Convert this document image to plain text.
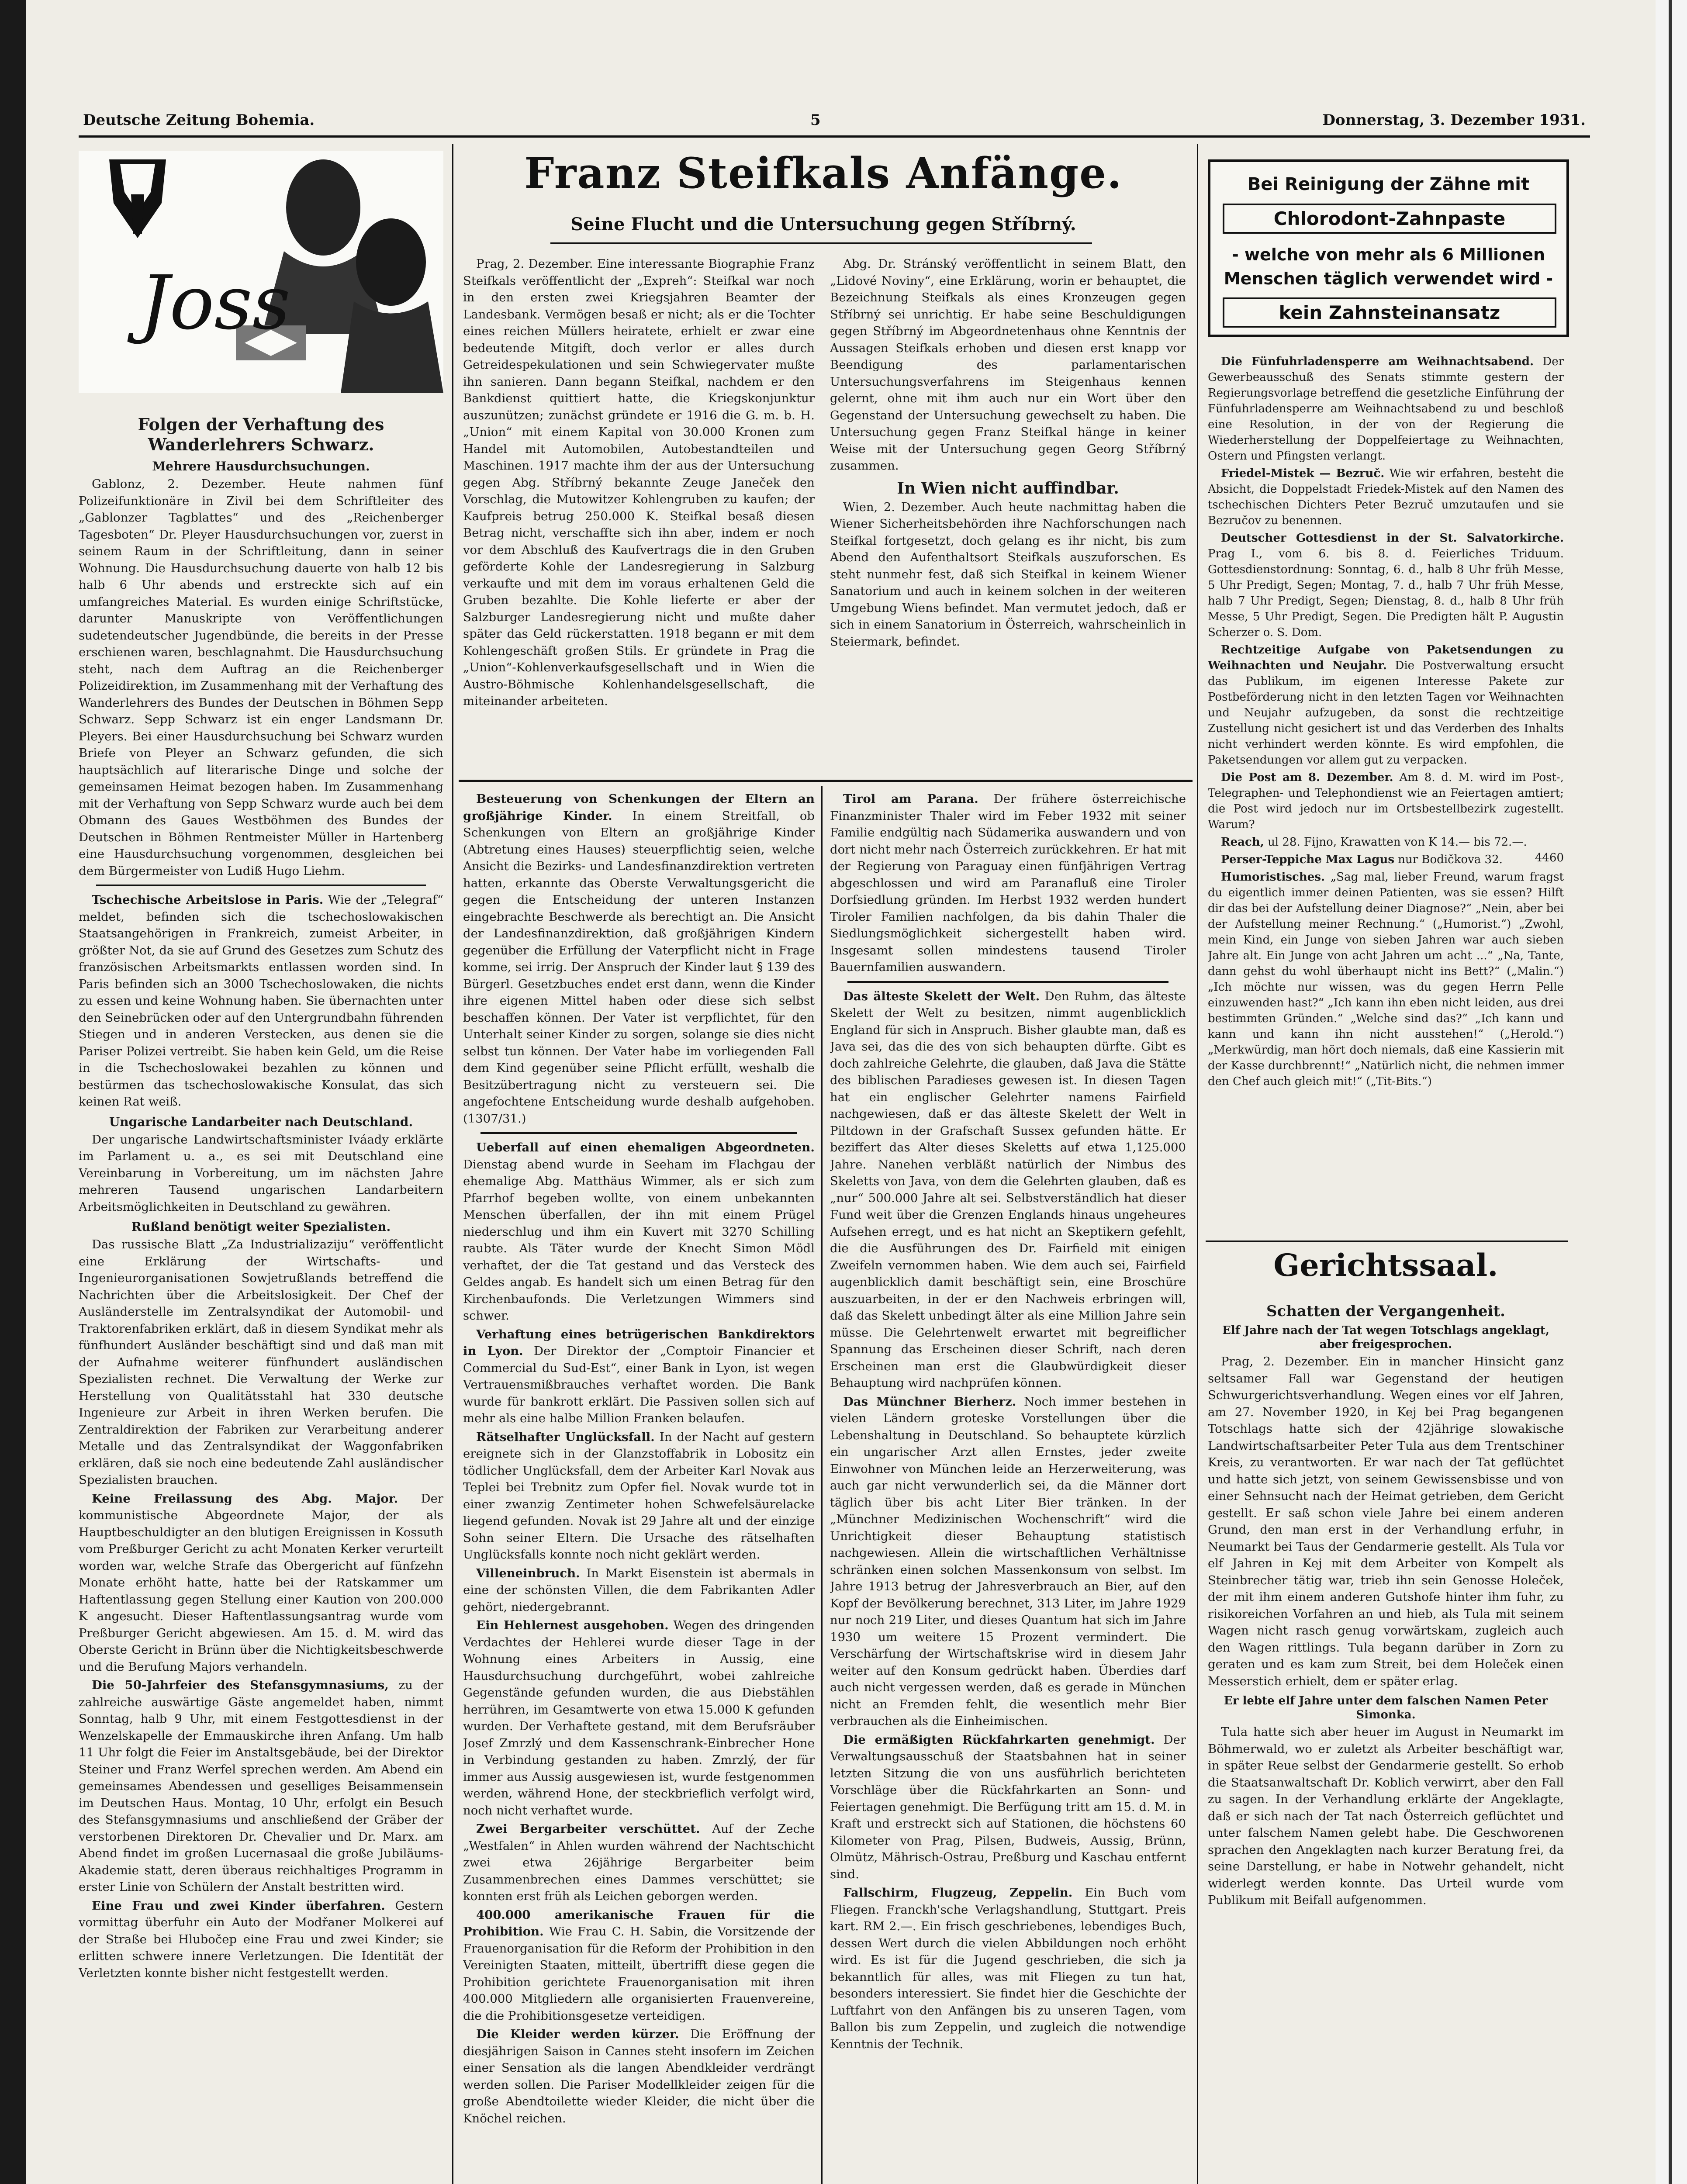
Deutsche Zeitung Bohemia.	5	Donnerstag, 3. Dezember 1931.
Joss
Folgen der Verhaftung des Wanderlehrers Schwarz.
Mehrere Hausdurchsuchungen.

Gablonz, 2. Dezember. Heute nahmen fünf Polizeifunktionäre in Zivil bei dem Schriftleiter des „Gablonzer Tagblattes“ und des „Reichenberger Tagesboten“ Dr. Pleyer Hausdurchsuchungen vor, zuerst in seinem Raum in der Schriftleitung, dann in seiner Wohnung. Die Hausdurchsuchung dauerte von halb 12 bis halb 6 Uhr abends und erstreckte sich auf ein umfangreiches Material. Es wurden einige Schriftstücke, darunter Manuskripte von Veröffentlichungen sudetendeutscher Jugendbünde, die bereits in der Presse erschienen waren, beschlagnahmt. Die Hausdurchsuchung steht, nach dem Auftrag an die Reichenberger Polizeidirektion, im Zusammenhang mit der Verhaftung des Wanderlehrers des Bundes der Deutschen in Böhmen Sepp Schwarz. Sepp Schwarz ist ein enger Landsmann Dr. Pleyers. Bei einer Hausdurchsuchung bei Schwarz wurden Briefe von Pleyer an Schwarz gefunden, die sich hauptsächlich auf literarische Dinge und solche der gemeinsamen Heimat bezogen haben. Im Zusammenhang mit der Verhaftung von Sepp Schwarz wurde auch bei dem Obmann des Gaues Westböhmen des Bundes der Deutschen in Böhmen Rentmeister Müller in Hartenberg eine Hausdurchsuchung vorgenommen, desgleichen bei dem Bürgermeister von Ludiß Hugo Liehm.

Tschechische Arbeitslose in Paris. Wie der „Telegraf“ meldet, befinden sich die tschechoslowakischen Staatsangehörigen in Frankreich, zumeist Arbeiter, in größter Not, da sie auf Grund des Gesetzes zum Schutz des französischen Arbeitsmarkts entlassen worden sind. In Paris befinden sich an 3000 Tschechoslowaken, die nichts zu essen und keine Wohnung haben. Sie übernachten unter den Seinebrücken oder auf den Untergrundbahn führenden Stiegen und in anderen Verstecken, aus denen sie die Pariser Polizei vertreibt. Sie haben kein Geld, um die Reise in die Tschechoslowakei bezahlen zu können und bestürmen das tschechoslowakische Konsulat, das sich keinen Rat weiß.

Ungarische Landarbeiter nach Deutschland.

Der ungarische Landwirtschaftsminister Iváady erklärte im Parlament u. a., es sei mit Deutschland eine Vereinbarung in Vorbereitung, um im nächsten Jahre mehreren Tausend ungarischen Landarbeitern Arbeitsmöglichkeiten in Deutschland zu gewähren.

Rußland benötigt weiter Spezialisten.

Das russische Blatt „Za Industrializaziju“ veröffentlicht eine Erklärung der Wirtschafts- und Ingenieurorganisationen Sowjetrußlands betreffend die Nachrichten über die Arbeitslosigkeit. Der Chef der Ausländerstelle im Zentralsyndikat der Automobil- und Traktorenfabriken erklärt, daß in diesem Syndikat mehr als fünfhundert Ausländer beschäftigt sind und daß man mit der Aufnahme weiterer fünfhundert ausländischen Spezialisten rechnet. Die Verwaltung der Werke zur Herstellung von Qualitätsstahl hat 330 deutsche Ingenieure zur Arbeit in ihren Werken berufen. Die Zentraldirektion der Fabriken zur Verarbeitung anderer Metalle und das Zentralsyndikat der Waggonfabriken erklären, daß sie noch eine bedeutende Zahl ausländischer Spezialisten brauchen.

Keine Freilassung des Abg. Major. Der kommunistische Abgeordnete Major, der als Hauptbeschuldigter an den blutigen Ereignissen in Kossuth vom Preßburger Gericht zu acht Monaten Kerker verurteilt worden war, welche Strafe das Obergericht auf fünfzehn Monate erhöht hatte, hatte bei der Ratskammer um Haftentlassung gegen Stellung einer Kaution von 200.000 K angesucht. Dieser Haftentlassungsantrag wurde vom Preßburger Gericht abgewiesen. Am 15. d. M. wird das Oberste Gericht in Brünn über die Nichtigkeitsbeschwerde und die Berufung Majors verhandeln.

Die 50-Jahrfeier des Stefansgymnasiums, zu der zahlreiche auswärtige Gäste angemeldet haben, nimmt Sonntag, halb 9 Uhr, mit einem Festgottesdienst in der Wenzelskapelle der Emmauskirche ihren Anfang. Um halb 11 Uhr folgt die Feier im Anstaltsgebäude, bei der Direktor Steiner und Franz Werfel sprechen werden. Am Abend ein gemeinsames Abendessen und geselliges Beisammensein im Deutschen Haus. Montag, 10 Uhr, erfolgt ein Besuch des Stefansgymnasiums und anschließend der Gräber der verstorbenen Direktoren Dr. Chevalier und Dr. Marx. am Abend findet im großen Lucernasaal die große Jubiläums-Akademie statt, deren überaus reichhaltiges Programm in erster Linie von Schülern der Anstalt bestritten wird.

Eine Frau und zwei Kinder überfahren. Gestern vormittag überfuhr ein Auto der Modřaner Molkerei auf der Straße bei Hlubočep eine Frau und zwei Kinder; sie erlitten schwere innere Verletzungen. Die Identität der Verletzten konnte bisher nicht festgestellt werden.

Franz Steifkals Anfänge.
Seine Flucht und die Untersuchung gegen Stříbrný.

Prag, 2. Dezember. Eine interessante Biographie Franz Steifkals veröffentlicht der „Expreh“: Steifkal war noch in den ersten zwei Kriegsjahren Beamter der Landesbank. Vermögen besaß er nicht; als er die Tochter eines reichen Müllers heiratete, erhielt er zwar eine bedeutende Mitgift, doch verlor er alles durch Getreidespekulationen und sein Schwiegervater mußte ihn sanieren. Dann begann Steifkal, nachdem er den Bankdienst quittiert hatte, die Kriegskonjunktur auszunützen; zunächst gründete er 1916 die G. m. b. H. „Union“ mit einem Kapital von 30.000 Kronen zum Handel mit Automobilen, Autobestandteilen und Maschinen. 1917 machte ihm der aus der Untersuchung gegen Abg. Stříbrný bekannte Zeuge Janeček den Vorschlag, die Mutowitzer Kohlengruben zu kaufen; der Kaufpreis betrug 250.000 K. Steifkal besaß diesen Betrag nicht, verschaffte sich ihn aber, indem er noch vor dem Abschluß des Kaufvertrags die in den Gruben geförderte Kohle der Landesregierung in Salzburg verkaufte und mit dem im voraus erhaltenen Geld die Gruben bezahlte. Die Kohle lieferte er aber der Salzburger Landesregierung nicht und mußte daher später das Geld rückerstatten. 1918 begann er mit dem Kohlengeschäft großen Stils. Er gründete in Prag die „Union“-Kohlenverkaufsgesellschaft und in Wien die Austro-Böhmische Kohlenhandelsgesellschaft, die miteinander arbeiteten.

Abg. Dr. Stránský veröffentlicht in seinem Blatt, den „Lidové Noviny“, eine Erklärung, worin er behauptet, die Bezeichnung Steifkals als eines Kronzeugen gegen Stříbrný sei unrichtig. Er habe seine Beschuldigungen gegen Stříbrný im Abgeordnetenhaus ohne Kenntnis der Aussagen Steifkals erhoben und diesen erst knapp vor Beendigung des parlamentarischen Untersuchungsverfahrens im Steigenhaus kennen gelernt, ohne mit ihm auch nur ein Wort über den Gegenstand der Untersuchung gewechselt zu haben. Die Untersuchung gegen Franz Steifkal hänge in keiner Weise mit der Untersuchung gegen Georg Stříbrný zusammen.

In Wien nicht auffindbar.

Wien, 2. Dezember. Auch heute nachmittag haben die Wiener Sicherheitsbehörden ihre Nachforschungen nach Steifkal fortgesetzt, doch gelang es ihr nicht, bis zum Abend den Aufenthaltsort Steifkals auszuforschen. Es steht nunmehr fest, daß sich Steifkal in keinem Wiener Sanatorium und auch in keinem solchen in der weiteren Umgebung Wiens befindet. Man vermutet jedoch, daß er sich in einem Sanatorium in Österreich, wahrscheinlich in Steiermark, befindet.

Besteuerung von Schenkungen der Eltern an großjährige Kinder. In einem Streitfall, ob Schenkungen von Eltern an großjährige Kinder (Abtretung eines Hauses) steuerpflichtig seien, welche Ansicht die Bezirks- und Landesfinanzdirektion vertreten hatten, erkannte das Oberste Verwaltungsgericht die gegen die Entscheidung der unteren Instanzen eingebrachte Beschwerde als berechtigt an. Die Ansicht der Landesfinanzdirektion, daß großjährigen Kindern gegenüber die Erfüllung der Vaterpflicht nicht in Frage komme, sei irrig. Der Anspruch der Kinder laut § 139 des Bürgerl. Gesetzbuches endet erst dann, wenn die Kinder ihre eigenen Mittel haben oder diese sich selbst beschaffen können. Der Vater ist verpflichtet, für den Unterhalt seiner Kinder zu sorgen, solange sie dies nicht selbst tun können. Der Vater habe im vorliegenden Fall dem Kind gegenüber seine Pflicht erfüllt, weshalb die Besitzübertragung nicht zu versteuern sei. Die angefochtene Entscheidung wurde deshalb aufgehoben. (1307/31.)

Ueberfall auf einen ehemaligen Abgeordneten. Dienstag abend wurde in Seeham im Flachgau der ehemalige Abg. Matthäus Wimmer, als er sich zum Pfarrhof begeben wollte, von einem unbekannten Menschen überfallen, der ihn mit einem Prügel niederschlug und ihm ein Kuvert mit 3270 Schilling raubte. Als Täter wurde der Knecht Simon Mödl verhaftet, der die Tat gestand und das Versteck des Geldes angab. Es handelt sich um einen Betrag für den Kirchenbaufonds. Die Verletzungen Wimmers sind schwer.

Verhaftung eines betrügerischen Bankdirektors in Lyon. Der Direktor der „Comptoir Financier et Commercial du Sud-Est“, einer Bank in Lyon, ist wegen Vertrauensmißbrauches verhaftet worden. Die Bank wurde für bankrott erklärt. Die Passiven sollen sich auf mehr als eine halbe Million Franken belaufen.

Rätselhafter Unglücksfall. In der Nacht auf gestern ereignete sich in der Glanzstoffabrik in Lobositz ein tödlicher Unglücksfall, dem der Arbeiter Karl Novak aus Teplei bei Trebnitz zum Opfer fiel. Novak wurde tot in einer zwanzig Zentimeter hohen Schwefelsäurelacke liegend gefunden. Novak ist 29 Jahre alt und der einzige Sohn seiner Eltern. Die Ursache des rätselhaften Unglücksfalls konnte noch nicht geklärt werden.

Villeneinbruch. In Markt Eisenstein ist abermals in eine der schönsten Villen, die dem Fabrikanten Adler gehört, niedergebrannt.

Ein Hehlernest ausgehoben. Wegen des dringenden Verdachtes der Hehlerei wurde dieser Tage in der Wohnung eines Arbeiters in Aussig, eine Hausdurchsuchung durchgeführt, wobei zahlreiche Gegenstände gefunden wurden, die aus Diebstählen herrühren, im Gesamtwerte von etwa 15.000 K gefunden wurden. Der Verhaftete gestand, mit dem Berufsräuber Josef Zmrzlý und dem Kassenschrank-Einbrecher Hone in Verbindung gestanden zu haben. Zmrzlý, der für immer aus Aussig ausgewiesen ist, wurde festgenommen werden, während Hone, der steckbrieflich verfolgt wird, noch nicht verhaftet wurde.

Zwei Bergarbeiter verschüttet. Auf der Zeche „Westfalen“ in Ahlen wurden während der Nachtschicht zwei etwa 26jährige Bergarbeiter beim Zusammenbrechen eines Dammes verschüttet; sie konnten erst früh als Leichen geborgen werden.

400.000 amerikanische Frauen für die Prohibition. Wie Frau C. H. Sabin, die Vorsitzende der Frauenorganisation für die Reform der Prohibition in den Vereinigten Staaten, mitteilt, übertrifft diese gegen die Prohibition gerichtete Frauenorganisation mit ihren 400.000 Mitgliedern alle organisierten Frauenvereine, die die Prohibitionsgesetze verteidigen.

Die Kleider werden kürzer. Die Eröffnung der diesjährigen Saison in Cannes steht insofern im Zeichen einer Sensation als die langen Abendkleider verdrängt werden sollen. Die Pariser Modellkleider zeigen für die große Abendtoilette wieder Kleider, die nicht über die Knöchel reichen.

Tirol am Parana. Der frühere österreichische Finanzminister Thaler wird im Feber 1932 mit seiner Familie endgültig nach Südamerika auswandern und von dort nicht mehr nach Österreich zurückkehren. Er hat mit der Regierung von Paraguay einen fünfjährigen Vertrag abgeschlossen und wird am Paranafluß eine Tiroler Dorfsiedlung gründen. Im Herbst 1932 werden hundert Tiroler Familien nachfolgen, da bis dahin Thaler die Siedlungsmöglichkeit sichergestellt haben wird. Insgesamt sollen mindestens tausend Tiroler Bauernfamilien auswandern.

Das älteste Skelett der Welt. Den Ruhm, das älteste Skelett der Welt zu besitzen, nimmt augenblicklich England für sich in Anspruch. Bisher glaubte man, daß es Java sei, das die des von sich behaupten dürfte. Gibt es doch zahlreiche Gelehrte, die glauben, daß Java die Stätte des biblischen Paradieses gewesen ist. In diesen Tagen hat ein englischer Gelehrter namens Fairfield nachgewiesen, daß er das älteste Skelett der Welt in Piltdown in der Grafschaft Sussex gefunden hätte. Er beziffert das Alter dieses Skeletts auf etwa 1,125.000 Jahre. Nanehen verbläßt natürlich der Nimbus des Skeletts von Java, von dem die Gelehrten glauben, daß es „nur“ 500.000 Jahre alt sei. Selbstverständlich hat dieser Fund weit über die Grenzen Englands hinaus ungeheures Aufsehen erregt, und es hat nicht an Skeptikern gefehlt, die die Ausführungen des Dr. Fairfield mit einigen Zweifeln vernommen haben. Wie dem auch sei, Fairfield augenblicklich damit beschäftigt sein, eine Broschüre auszuarbeiten, in der er den Nachweis erbringen will, daß das Skelett unbedingt älter als eine Million Jahre sein müsse. Die Gelehrtenwelt erwartet mit begreiflicher Spannung das Erscheinen dieser Schrift, nach deren Erscheinen man erst die Glaubwürdigkeit dieser Behauptung wird nachprüfen können.

Das Münchner Bierherz. Noch immer bestehen in vielen Ländern groteske Vorstellungen über die Lebenshaltung in Deutschland. So behauptete kürzlich ein ungarischer Arzt allen Ernstes, jeder zweite Einwohner von München leide an Herzerweiterung, was auch gar nicht verwunderlich sei, da die Männer dort täglich über bis acht Liter Bier tränken. In der „Münchner Medizinischen Wochenschrift“ wird die Unrichtigkeit dieser Behauptung statistisch nachgewiesen. Allein die wirtschaftlichen Verhältnisse schränken einen solchen Massenkonsum von selbst. Im Jahre 1913 betrug der Jahresverbrauch an Bier, auf den Kopf der Bevölkerung berechnet, 313 Liter, im Jahre 1929 nur noch 219 Liter, und dieses Quantum hat sich im Jahre 1930 um weitere 15 Prozent vermindert. Die Verschärfung der Wirtschaftskrise wird in diesem Jahr weiter auf den Konsum gedrückt haben. Überdies darf auch nicht vergessen werden, daß es gerade in München nicht an Fremden fehlt, die wesentlich mehr Bier verbrauchen als die Einheimischen.

Die ermäßigten Rückfahrkarten genehmigt. Der Verwaltungsausschuß der Staatsbahnen hat in seiner letzten Sitzung die von uns ausführlich berichteten Vorschläge über die Rückfahrkarten an Sonn- und Feiertagen genehmigt. Die Berfügung tritt am 15. d. M. in Kraft und erstreckt sich auf Stationen, die höchstens 60 Kilometer von Prag, Pilsen, Budweis, Aussig, Brünn, Olmütz, Mährisch-Ostrau, Preßburg und Kaschau entfernt sind.

Fallschirm, Flugzeug, Zeppelin. Ein Buch vom Fliegen. Franckh'sche Verlagshandlung, Stuttgart. Preis kart. RM 2.—. Ein frisch geschriebenes, lebendiges Buch, dessen Wert durch die vielen Abbildungen noch erhöht wird. Es ist für die Jugend geschrieben, die sich ja bekanntlich für alles, was mit Fliegen zu tun hat, besonders interessiert. Sie findet hier die Geschichte der Luftfahrt von den Anfängen bis zu unseren Tagen, vom Ballon bis zum Zeppelin, und zugleich die notwendige Kenntnis der Technik.

Bei Reinigung der Zähne mit
Chlorodont-Zahnpaste
- welche von mehr als 6 Millionen
Menschen täglich verwendet wird -
kein Zahnsteinansatz

Die Fünfuhrladensperre am Weihnachtsabend. Der Gewerbeausschuß des Senats stimmte gestern der Regierungsvorlage betreffend die gesetzliche Einführung der Fünfuhrladensperre am Weihnachtsabend zu und beschloß eine Resolution, in der von der Regierung die Wiederherstellung der Doppelfeiertage zu Weihnachten, Ostern und Pfingsten verlangt.

Friedel-Mistek — Bezruč. Wie wir erfahren, besteht die Absicht, die Doppelstadt Friedek-Mistek auf den Namen des tschechischen Dichters Peter Bezruč umzutaufen und sie Bezručov zu benennen.

Deutscher Gottesdienst in der St. Salvatorkirche. Prag I., vom 6. bis 8. d. Feierliches Triduum. Gottesdienstordnung: Sonntag, 6. d., halb 8 Uhr früh Messe, 5 Uhr Predigt, Segen; Montag, 7. d., halb 7 Uhr früh Messe, halb 7 Uhr Predigt, Segen; Dienstag, 8. d., halb 8 Uhr früh Messe, 5 Uhr Predigt, Segen. Die Predigten hält P. Augustin Scherzer o. S. Dom.

Rechtzeitige Aufgabe von Paketsendungen zu Weihnachten und Neujahr. Die Postverwaltung ersucht das Publikum, im eigenen Interesse Pakete zur Postbeförderung nicht in den letzten Tagen vor Weihnachten und Neujahr aufzugeben, da sonst die rechtzeitige Zustellung nicht gesichert ist und das Verderben des Inhalts nicht verhindert werden könnte. Es wird empfohlen, die Paketsendungen vor allem gut zu verpacken.

Die Post am 8. Dezember. Am 8. d. M. wird im Post-, Telegraphen- und Telephondienst wie an Feiertagen amtiert; die Post wird jedoch nur im Ortsbestellbezirk zugestellt. Warum?

Reach, ul 28. Fijno, Krawatten von K 14.— bis 72.—.
4460

Perser-Teppiche Max Lagus nur Bodičkova 32.

Humoristisches. „Sag mal, lieber Freund, warum fragst du eigentlich immer deinen Patienten, was sie essen? Hilft dir das bei der Aufstellung deiner Diagnose?“ „Nein, aber bei der Aufstellung meiner Rechnung.“ („Humorist.“) „Zwohl, mein Kind, ein Junge von sieben Jahren war auch sieben Jahre alt. Ein Junge von acht Jahren um acht ...“ „Na, Tante, dann gehst du wohl überhaupt nicht ins Bett?“ („Malin.“) „Ich möchte nur wissen, was du gegen Herrn Pelle einzuwenden hast?“ „Ich kann ihn eben nicht leiden, aus drei bestimmten Gründen.“ „Welche sind das?“ „Ich kann und kann und kann ihn nicht ausstehen!“ („Herold.“) „Merkwürdig, man hört doch niemals, daß eine Kassierin mit der Kasse durchbrennt!“ „Natürlich nicht, die nehmen immer den Chef auch gleich mit!“ („Tit-Bits.“)

Gerichtssaal.
Schatten der Vergangenheit.
Elf Jahre nach der Tat wegen Totschlags angeklagt, aber freigesprochen.

Prag, 2. Dezember. Ein in mancher Hinsicht ganz seltsamer Fall war Gegenstand der heutigen Schwurgerichtsverhandlung. Wegen eines vor elf Jahren, am 27. November 1920, in Kej bei Prag begangenen Totschlags hatte sich der 42jährige slowakische Landwirtschaftsarbeiter Peter Tula aus dem Trentschiner Kreis, zu verantworten. Er war nach der Tat geflüchtet und hatte sich jetzt, von seinem Gewissensbisse und von einer Sehnsucht nach der Heimat getrieben, dem Gericht gestellt. Er saß schon viele Jahre bei einem anderen Grund, den man erst in der Verhandlung erfuhr, in Neumarkt bei Taus der Gendarmerie gestellt. Als Tula vor elf Jahren in Kej mit dem Arbeiter von Kompelt als Steinbrecher tätig war, trieb ihn sein Genosse Holeček, der mit ihm einem anderen Gutshofe hinter ihm fuhr, zu risikoreichen Vorfahren an und hieb, als Tula mit seinem Wagen nicht rasch genug vorwärtskam, zugleich auch den Wagen rittlings. Tula begann darüber in Zorn zu geraten und es kam zum Streit, bei dem Holeček einen Messerstich erhielt, dem er später erlag.

Er lebte elf Jahre unter dem falschen Namen Peter Simonka.

Tula hatte sich aber heuer im August in Neumarkt im Böhmerwald, wo er zuletzt als Arbeiter beschäftigt war, in später Reue selbst der Gendarmerie gestellt. So erhob die Staatsanwaltschaft Dr. Koblich verwirrt, aber den Fall zu sagen. In der Verhandlung erklärte der Angeklagte, daß er sich nach der Tat nach Österreich geflüchtet und unter falschem Namen gelebt habe. Die Geschworenen sprachen den Angeklagten nach kurzer Beratung frei, da seine Darstellung, er habe in Notwehr gehandelt, nicht widerlegt werden konnte. Das Urteil wurde vom Publikum mit Beifall aufgenommen.
